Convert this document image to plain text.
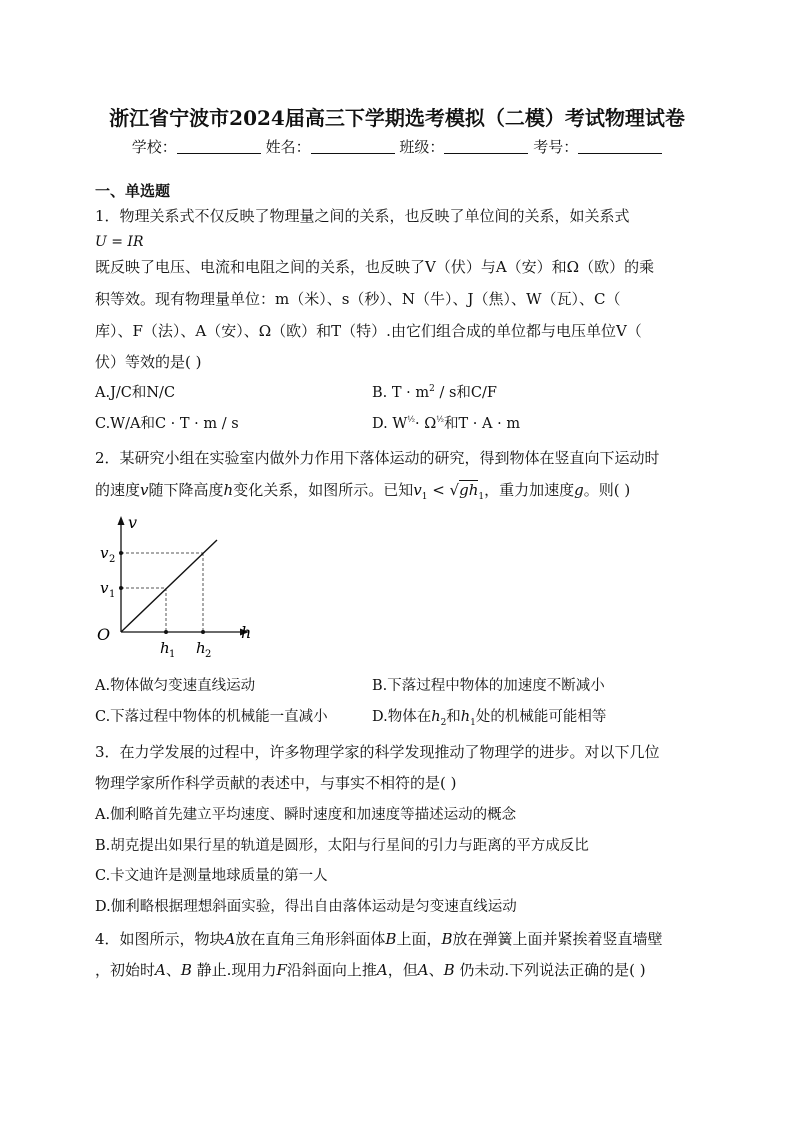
浙江省宁波市2024届高三下学期选考模拟（二模）考试物理试卷
学校：	姓名：	班级：	考号：
一、单选题
1．物理关系式不仅反映了物理量之间的关系，也反映了单位间的关系，如关系式
U = IR
既反映了电压、电流和电阻之间的关系，也反映了V（伏）与A（安）和Ω（欧）的乘
积等效。现有物理量单位：m（米）、s（秒）、N（牛）、J（焦）、W（瓦）、C（
库）、F（法）、A（安）、Ω（欧）和T（特）.由它们组合成的单位都与电压单位V（
伏）等效的是( )
A.J/C和N/C	B. $T \cdot m^2 / s$和C/F
C.W/A和C · T · m / s	D. $W^{\frac{1}{2}}\cdot \Omega^{\frac{1}{2}}$和T · A · m
2．某研究小组在实验室内做外力作用下落体运动的研究，得到物体在竖直向下运动时
的速度v随下降高度h变化关系，如图所示。已知$v_1 < √gh_1$，重力加速度g。则( )
v
h
O
v 2
v 1
h 1 h 2
A.物体做匀变速直线运动	B.下落过程中物体的加速度不断减小
C.下落过程中物体的机械能一直减小	D.物体在$h_2$和$h_1$处的机械能可能相等
3．在力学发展的过程中，许多物理学家的科学发现推动了物理学的进步。对以下几位
物理学家所作科学贡献的表述中，与事实不相符的是( )
A.伽利略首先建立平均速度、瞬时速度和加速度等描述运动的概念
B.胡克提出如果行星的轨道是圆形，太阳与行星间的引力与距离的平方成反比
C.卡文迪许是测量地球质量的第一人
D.伽利略根据理想斜面实验，得出自由落体运动是匀变速直线运动
4．如图所示，物块A放在直角三角形斜面体B上面，B放在弹簧上面并紧挨着竖直墙壁
，初始时A、B 静止.现用力F沿斜面向上推A，但A、B 仍未动.下列说法正确的是( )
